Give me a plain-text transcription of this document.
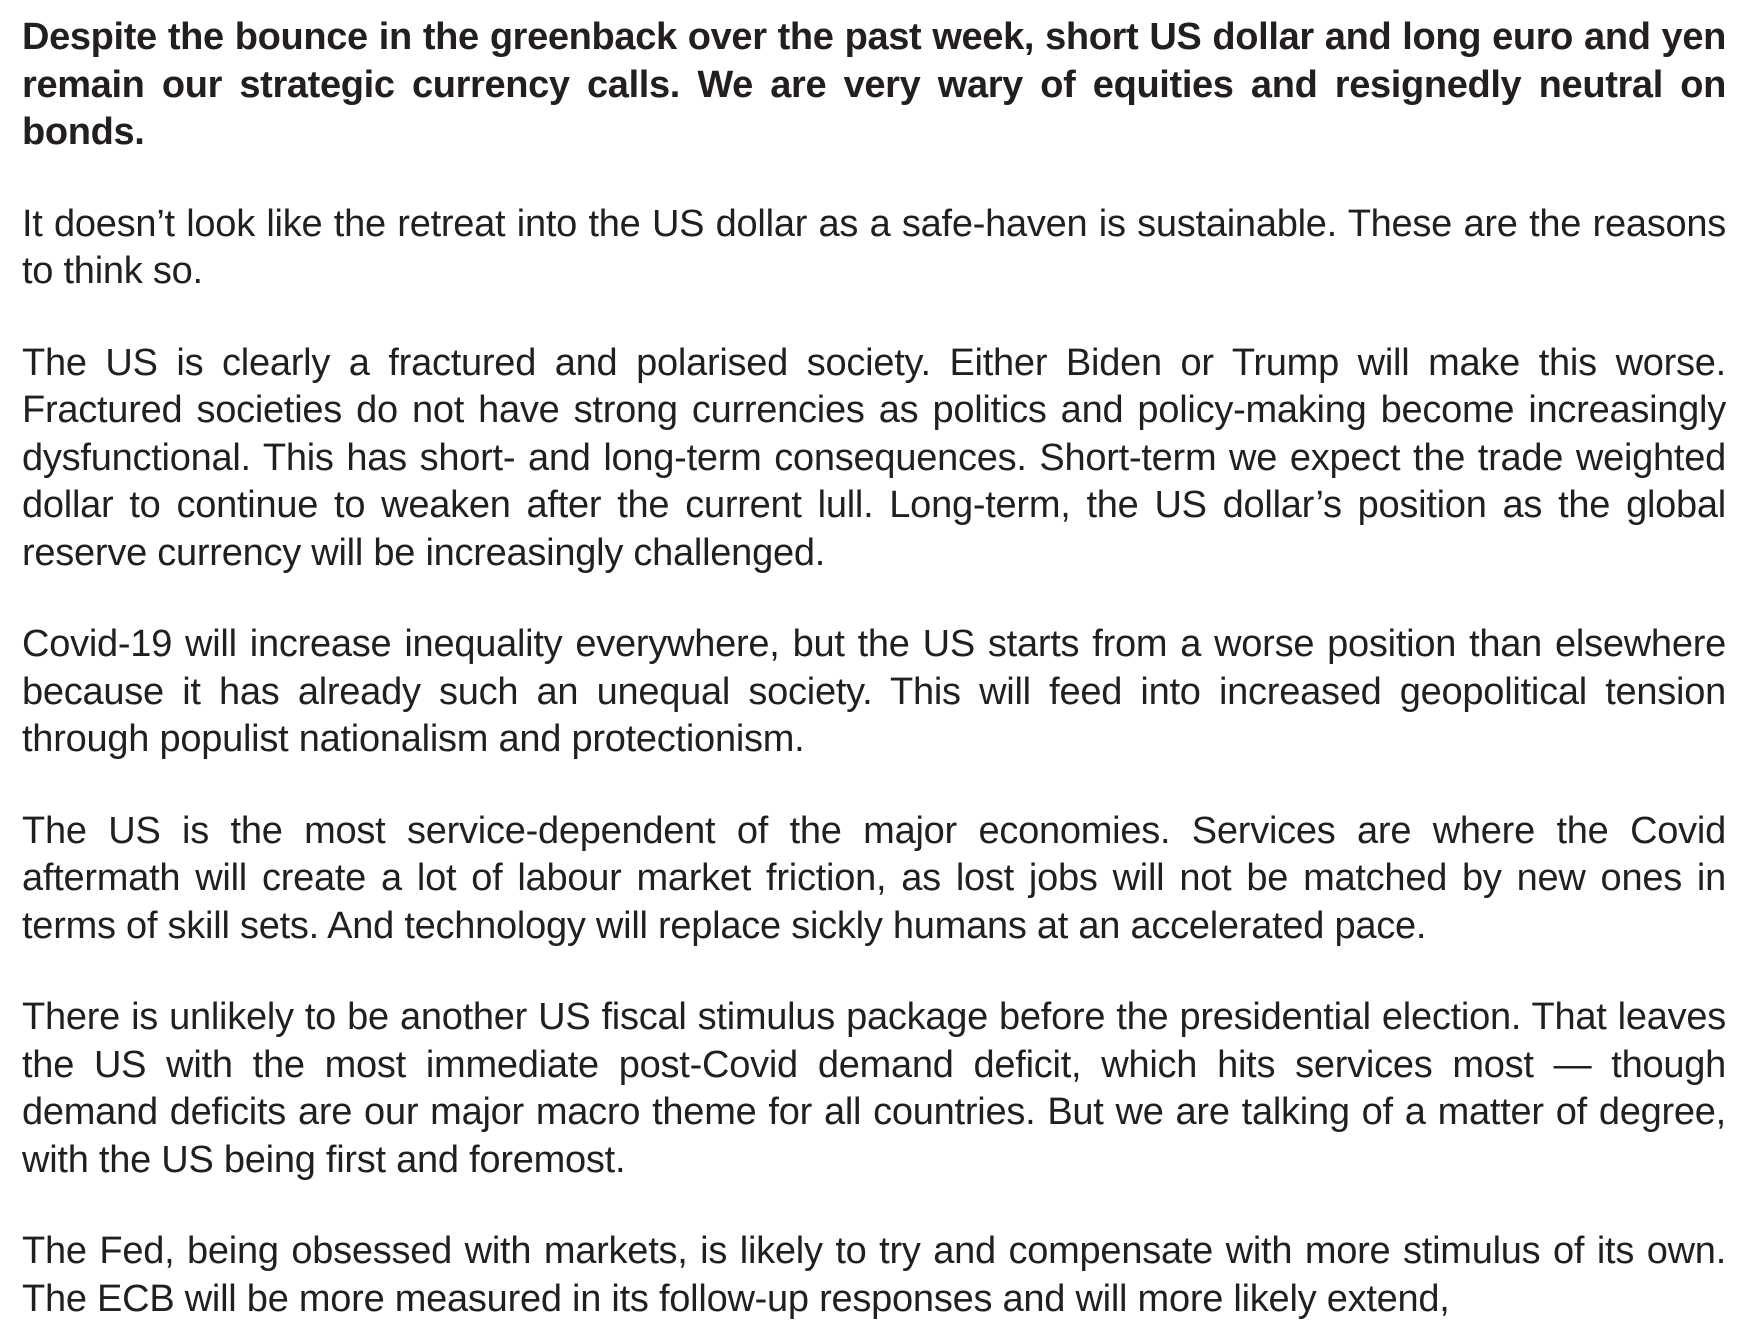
Despite the bounce in the greenback over the past week, short US dollar and long euro and yen remain our strategic currency calls. We are very wary of equities and resignedly neutral on bonds.

It doesn’t look like the retreat into the US dollar as a safe-haven is sustainable. These are the reasons to think so.

The US is clearly a fractured and polarised society. Either Biden or Trump will make this worse. Fractured societies do not have strong currencies as politics and policy-making become increasingly dysfunctional. This has short- and long-term consequences. Short-term we expect the trade weighted dollar to continue to weaken after the current lull. Long-term, the US dollar’s position as the global reserve currency will be increasingly challenged.

Covid-19 will increase inequality everywhere, but the US starts from a worse position than elsewhere because it has already such an unequal society. This will feed into increased geopolitical tension through populist nationalism and protectionism.

The US is the most service-dependent of the major economies. Services are where the Covid aftermath will create a lot of labour market friction, as lost jobs will not be matched by new ones in terms of skill sets. And technology will replace sickly humans at an accelerated pace.

There is unlikely to be another US fiscal stimulus package before the presidential election. That leaves the US with the most immediate post-Covid demand deficit, which hits services most — though demand deficits are our major macro theme for all countries. But we are talking of a matter of degree, with the US being first and foremost.

The Fed, being obsessed with markets, is likely to try and compensate with more stimulus of its own. The ECB will be more measured in its follow-up responses and will more likely extend,
